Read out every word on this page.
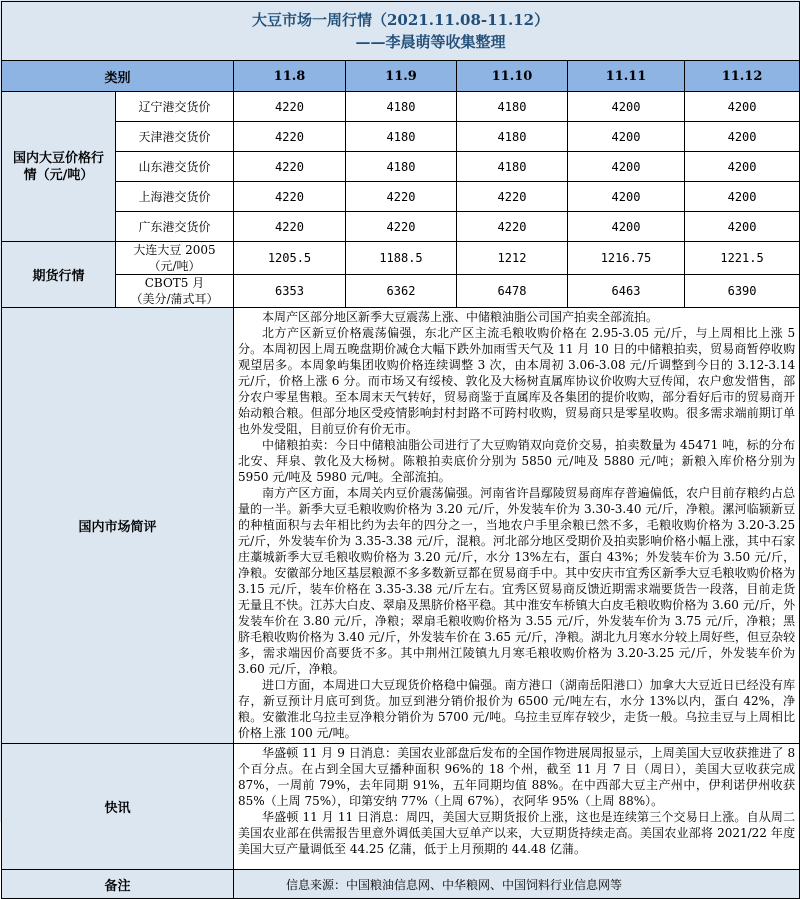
大豆市场一周行情（2021.11.08-11.12）
——李晨萌等收集整理						

类别		11.8	11.9	11.10	11.11	11.12

国内大豆价格行情（元/吨）	辽宁港交货价	4220	4180	4180	4200	4200
	天津港交货价	4220	4180	4180	4200	4200
	山东港交货价	4220	4180	4180	4200	4200
	上海港交货价	4220	4220	4220	4200	4200
	广东港交货价	4220	4220	4220	4200	4200
期货行情	大连大豆 2005
（元/吨）	1205.5	1188.5	1212	1216.75	1221.5

	CBOT5 月
（美分/蒲式耳）	6353	6362	6478	6463	6390
国内市场简评		本周产区部分地区新季大豆震荡上涨、中储粮油脂公司国产拍卖全部流拍。

北方产区新豆价格震荡偏强，东北产区主流毛粮收购价格在 2.95-3.05 元/斤，与上周相比上涨 5 分。本周初因上周五晚盘期价减仓大幅下跌外加雨雪天气及 11 月 10 日的中储粮拍卖，贸易商暂停收购观望居多。本周象屿集团收购价格连续调整 3 次，由本周初 3.06-3.08 元/斤调整到今日的 3.12-3.14 元/斤，价格上涨 6 分。而市场又有绥棱、敦化及大杨树直属库协议价收购大豆传闻，农户愈发惜售，部分农户零星售粮。至本周末天气转好，贸易商鉴于直属库及各集团的提价收购，部分看好后市的贸易商开始动粮合粮。但部分地区受疫情影响封村封路不可跨村收购，贸易商只是零星收购。很多需求端前期订单也外发受阻，目前豆价有价无市。

中储粮拍卖：今日中储粮油脂公司进行了大豆购销双向竞价交易，拍卖数量为 45471 吨，标的分布北安、拜泉、敦化及大杨树。陈粮拍卖底价分别为 5850 元/吨及 5880 元/吨；新粮入库价格分别为 5950 元/吨及 5980 元/吨。全部流拍。

南方产区方面，本周关内豆价震荡偏强。河南省许昌鄢陵贸易商库存普遍偏低，农户目前存粮约占总量的一半。新季大豆毛粮收购价格为 3.20 元/斤，外发装车价为 3.30-3.40 元/斤，净粮。漯河临颍新豆的种植面积与去年相比约为去年的四分之一，当地农户手里余粮已然不多，毛粮收购价格为 3.20-3.25 元/斤，外发装车价为 3.35-3.38 元/斤，混粮。河北部分地区受期价及拍卖影响价格小幅上涨，其中石家庄藁城新季大豆毛粮收购价格为 3.20 元/斤，水分 13%左右，蛋白 43%；外发装车价为 3.50 元/斤，净粮。安徽部分地区基层粮源不多多数新豆都在贸易商手中。其中安庆市宜秀区新季大豆毛粮收购价格为 3.15 元/斤，装车价格在 3.35-3.38 元/斤左右。宜秀区贸易商反馈近期需求端要货告一段落，目前走货无量且不快。江苏大白皮、翠扇及黑脐价格平稳。其中淮安车桥镇大白皮毛粮收购价格为 3.60 元/斤，外发装车价在 3.80 元/斤，净粮；翠扇毛粮收购价格为 3.55 元/斤，外发装车价为 3.75 元/斤，净粮；黑脐毛粮收购价格为 3.40 元/斤，外发装车价在 3.65 元/斤，净粮。湖北九月寒水分较上周好些，但豆杂较多，需求端因价高要货不多。其中荆州江陵镇九月寒毛粮收购价格为 3.20-3.25 元/斤，外发装车价为 3.60 元/斤，净粮。

进口方面，本周进口大豆现货价格稳中偏强。南方港口（湖南岳阳港口）加拿大大豆近日已经没有库存，新豆预计月底可到货。加豆到港分销价报价为 6500 元/吨左右，水分 13%以内，蛋白 42%，净粮。安徽淮北乌拉圭豆净粮分销价为 5700 元/吨。乌拉圭豆库存较少，走货一般。乌拉圭豆与上周相比价格上涨 100 元/吨。				

快讯		华盛顿 11 月 9 日消息：美国农业部盘后发布的全国作物进展周报显示，上周美国大豆收获推进了 8 个百分点。在占到全国大豆播种面积 96%的 18 个州，截至 11 月 7 日（周日），美国大豆收获完成 87%，一周前 79%，去年同期 91%，五年同期均值 88%。在中西部大豆主产州中，伊利诺伊州收获 85%（上周 75%），印第安纳 77%（上周 67%），衣阿华 95%（上周 88%）。

华盛顿 11 月 11 日消息：周四，美国大豆期货报价上涨，这也是连续第三个交易日上涨。自从周二美国农业部在供需报告里意外调低美国大豆单产以来，大豆期货持续走高。美国农业部将 2021/22 年度美国大豆产量调低至 44.25 亿蒲，低于上月预期的 44.48 亿蒲。				

备注		信息来源：中国粮油信息网、中华粮网、中国饲料行业信息网等				
